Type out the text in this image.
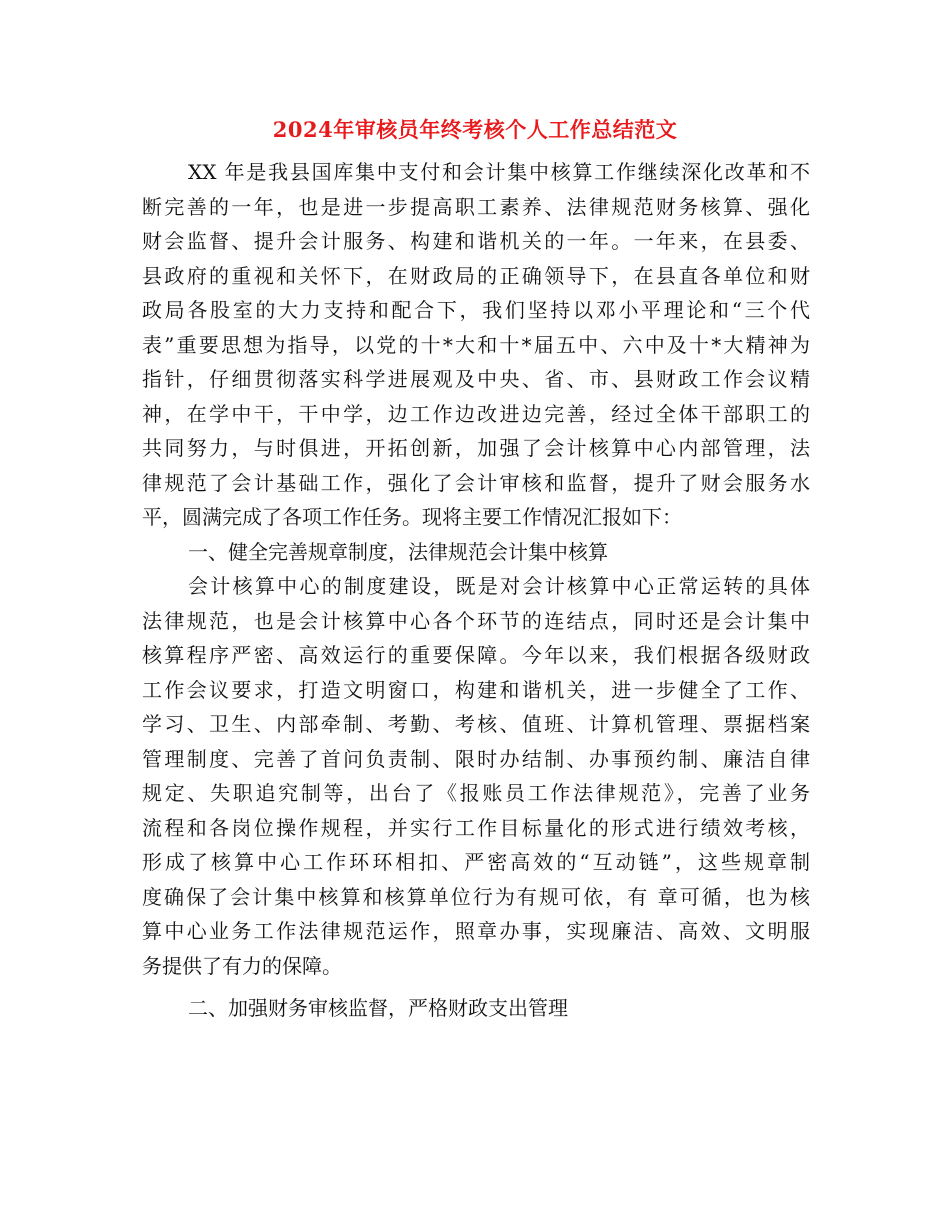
2024年审核员年终考核个人工作总结范文
XX 年是我县国库集中支付和会计集中核算工作继续深化改革和不
断完善的一年，也是进一步提高职工素养、法律规范财务核算、强化
财会监督、提升会计服务、构建和谐机关的一年。一年来，在县委、
县政府的重视和关怀下，在财政局的正确领导下，在县直各单位和财
政局各股室的大力支持和配合下，我们坚持以邓小平理论和“三个代
表”重要思想为指导，以党的十*大和十*届五中、六中及十*大精神为
指针，仔细贯彻落实科学进展观及中央、省、市、县财政工作会议精
神，在学中干，干中学，边工作边改进边完善，经过全体干部职工的
共同努力，与时俱进，开拓创新，加强了会计核算中心内部管理，法
律规范了会计基础工作，强化了会计审核和监督，提升了财会服务水
平，圆满完成了各项工作任务。现将主要工作情况汇报如下：
一、健全完善规章制度，法律规范会计集中核算
会计核算中心的制度建设，既是对会计核算中心正常运转的具体
法律规范，也是会计核算中心各个环节的连结点，同时还是会计集中
核算程序严密、高效运行的重要保障。今年以来，我们根据各级财政
工作会议要求，打造文明窗口，构建和谐机关，进一步健全了工作、
学习、卫生、内部牵制、考勤、考核、值班、计算机管理、票据档案
管理制度、完善了首问负责制、限时办结制、办事预约制、廉洁自律
规定、失职追究制等，出台了《报账员工作法律规范》，完善了业务
流程和各岗位操作规程，并实行工作目标量化的形式进行绩效考核，
形成了核算中心工作环环相扣、严密高效的“互动链”，这些规章制
度确保了会计集中核算和核算单位行为有规可依，有 章可循，也为核
算中心业务工作法律规范运作，照章办事，实现廉洁、高效、文明服
务提供了有力的保障。
二、加强财务审核监督，严格财政支出管理
